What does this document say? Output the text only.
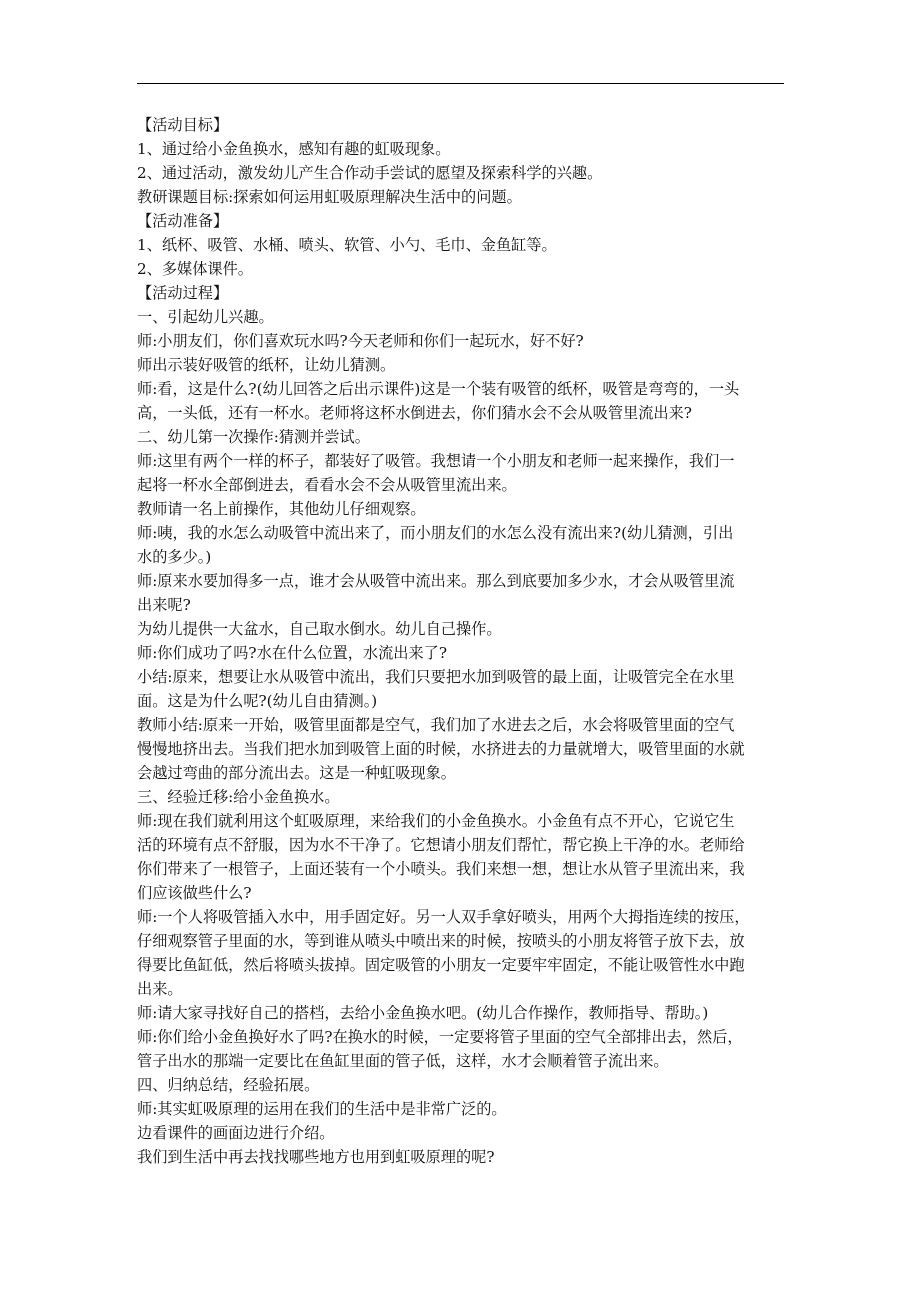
【活动目标】
1、通过给小金鱼换水，感知有趣的虹吸现象。
2、通过活动，激发幼儿产生合作动手尝试的愿望及探索科学的兴趣。
教研课题目标:探索如何运用虹吸原理解决生活中的问题。
【活动准备】
1、纸杯、吸管、水桶、喷头、软管、小勺、毛巾、金鱼缸等。
2、多媒体课件。
【活动过程】
一、引起幼儿兴趣。
师:小朋友们，你们喜欢玩水吗?今天老师和你们一起玩水，好不好?
师出示装好吸管的纸杯，让幼儿猜测。
师:看，这是什么?(幼儿回答之后出示课件)这是一个装有吸管的纸杯，吸管是弯弯的，一头
高，一头低，还有一杯水。老师将这杯水倒进去，你们猜水会不会从吸管里流出来?
二、幼儿第一次操作:猜测并尝试。
师:这里有两个一样的杯子，都装好了吸管。我想请一个小朋友和老师一起来操作，我们一
起将一杯水全部倒进去，看看水会不会从吸管里流出来。
教师请一名上前操作，其他幼儿仔细观察。
师:咦，我的水怎么动吸管中流出来了，而小朋友们的水怎么没有流出来?(幼儿猜测，引出
水的多少。)
师:原来水要加得多一点，谁才会从吸管中流出来。那么到底要加多少水，才会从吸管里流
出来呢?
为幼儿提供一大盆水，自己取水倒水。幼儿自己操作。
师:你们成功了吗?水在什么位置，水流出来了?
小结:原来，想要让水从吸管中流出，我们只要把水加到吸管的最上面，让吸管完全在水里
面。这是为什么呢?(幼儿自由猜测。)
教师小结:原来一开始，吸管里面都是空气，我们加了水进去之后，水会将吸管里面的空气
慢慢地挤出去。当我们把水加到吸管上面的时候，水挤进去的力量就增大，吸管里面的水就
会越过弯曲的部分流出去。这是一种虹吸现象。
三、经验迁移:给小金鱼换水。
师:现在我们就利用这个虹吸原理，来给我们的小金鱼换水。小金鱼有点不开心，它说它生
活的环境有点不舒服，因为水不干净了。它想请小朋友们帮忙，帮它换上干净的水。老师给
你们带来了一根管子，上面还装有一个小喷头。我们来想一想，想让水从管子里流出来，我
们应该做些什么?
师:一个人将吸管插入水中，用手固定好。另一人双手拿好喷头，用两个大拇指连续的按压，
仔细观察管子里面的水，等到谁从喷头中喷出来的时候，按喷头的小朋友将管子放下去，放
得要比鱼缸低，然后将喷头拔掉。固定吸管的小朋友一定要牢牢固定，不能让吸管性水中跑
出来。
师:请大家寻找好自己的搭档，去给小金鱼换水吧。(幼儿合作操作，教师指导、帮助。)
师:你们给小金鱼换好水了吗?在换水的时候，一定要将管子里面的空气全部排出去，然后，
管子出水的那端一定要比在鱼缸里面的管子低，这样，水才会顺着管子流出来。
四、归纳总结，经验拓展。
师:其实虹吸原理的运用在我们的生活中是非常广泛的。
边看课件的画面边进行介绍。
我们到生活中再去找找哪些地方也用到虹吸原理的呢?
